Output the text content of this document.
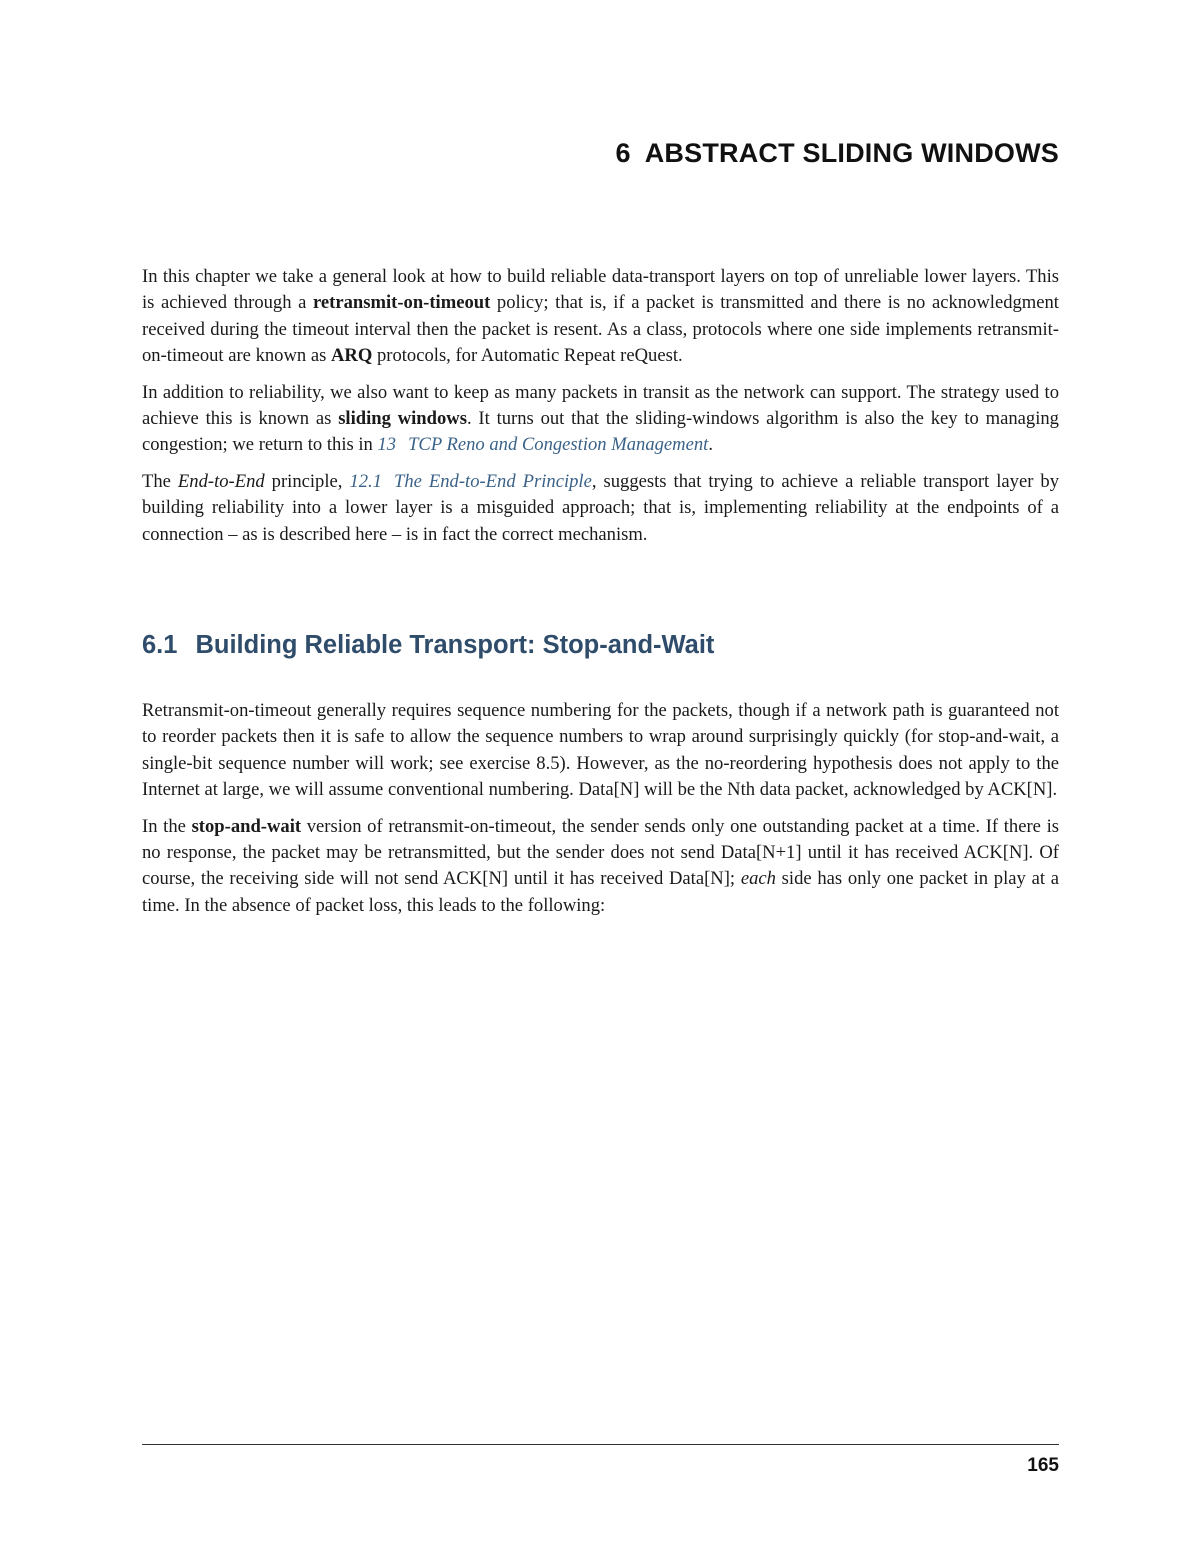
6 ABSTRACT SLIDING WINDOWS

In this chapter we take a general look at how to build reliable data-transport layers on top of unreliable lower layers. This is achieved through a retransmit-on-timeout policy; that is, if a packet is transmitted and there is no acknowledgment received during the timeout interval then the packet is resent. As a class, protocols where one side implements retransmit-on-timeout are known as ARQ protocols, for Automatic Repeat reQuest.

In addition to reliability, we also want to keep as many packets in transit as the network can support. The strategy used to achieve this is known as sliding windows. It turns out that the sliding-windows algorithm is also the key to managing congestion; we return to this in 13 TCP Reno and Congestion Management.

The End-to-End principle, 12.1 The End-to-End Principle, suggests that trying to achieve a reliable transport layer by building reliability into a lower layer is a misguided approach; that is, implementing reliability at the endpoints of a connection – as is described here – is in fact the correct mechanism.

6.1 Building Reliable Transport: Stop-and-Wait

Retransmit-on-timeout generally requires sequence numbering for the packets, though if a network path is guaranteed not to reorder packets then it is safe to allow the sequence numbers to wrap around surprisingly quickly (for stop-and-wait, a single-bit sequence number will work; see exercise 8.5). However, as the no-reordering hypothesis does not apply to the Internet at large, we will assume conventional numbering. Data[N] will be the Nth data packet, acknowledged by ACK[N].

In the stop-and-wait version of retransmit-on-timeout, the sender sends only one outstanding packet at a time. If there is no response, the packet may be retransmitted, but the sender does not send Data[N+1] until it has received ACK[N]. Of course, the receiving side will not send ACK[N] until it has received Data[N]; each side has only one packet in play at a time. In the absence of packet loss, this leads to the following:

165
